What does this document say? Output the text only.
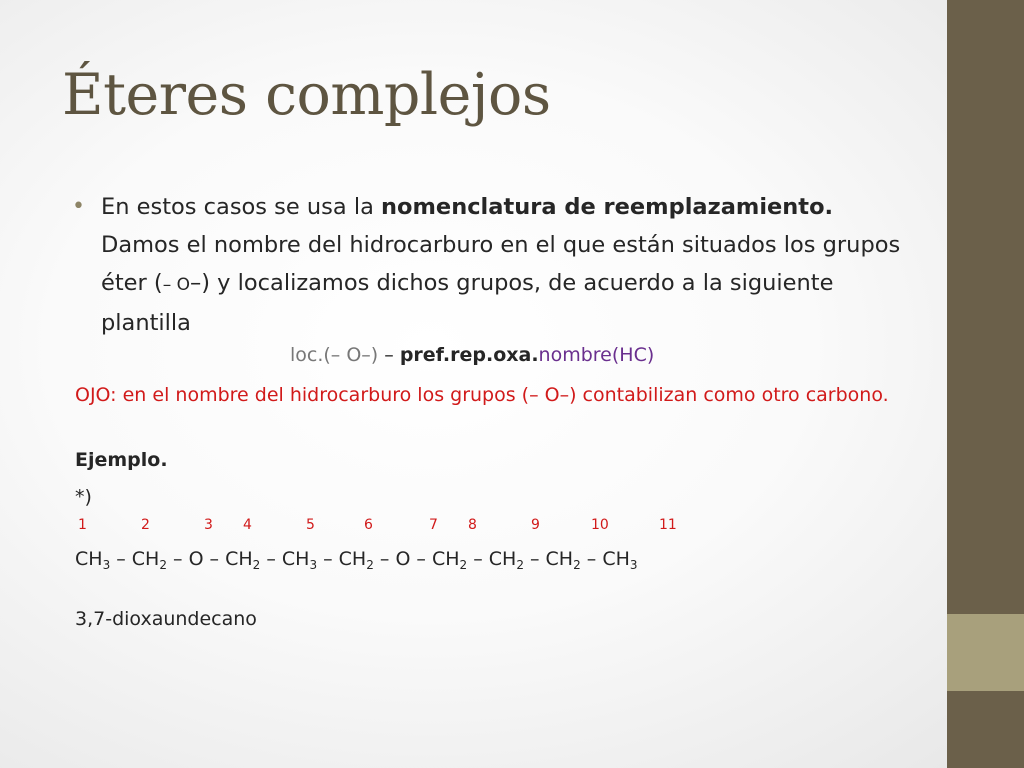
Éteres complejos
• En estos casos se usa la nomenclatura de reemplazamiento. Damos el nombre del hidrocarburo en el que están situados los grupos éter (– O–) y localizamos dichos grupos, de acuerdo a la siguiente plantilla
loc.(– O–) – pref.rep.oxa.nombre(HC)
OJO: en el nombre del hidrocarburo los grupos (– O–) contabilizan como otro carbono.
Ejemplo.
*)
1	2	3 4	5	6	7 8	9	10	11
$CH_3 - CH_2$ – O – $CH_2 - CH_3 - CH_2$ – O – $CH_2 - CH_2 - CH_2 - CH_3$
3,7-dioxaundecano
